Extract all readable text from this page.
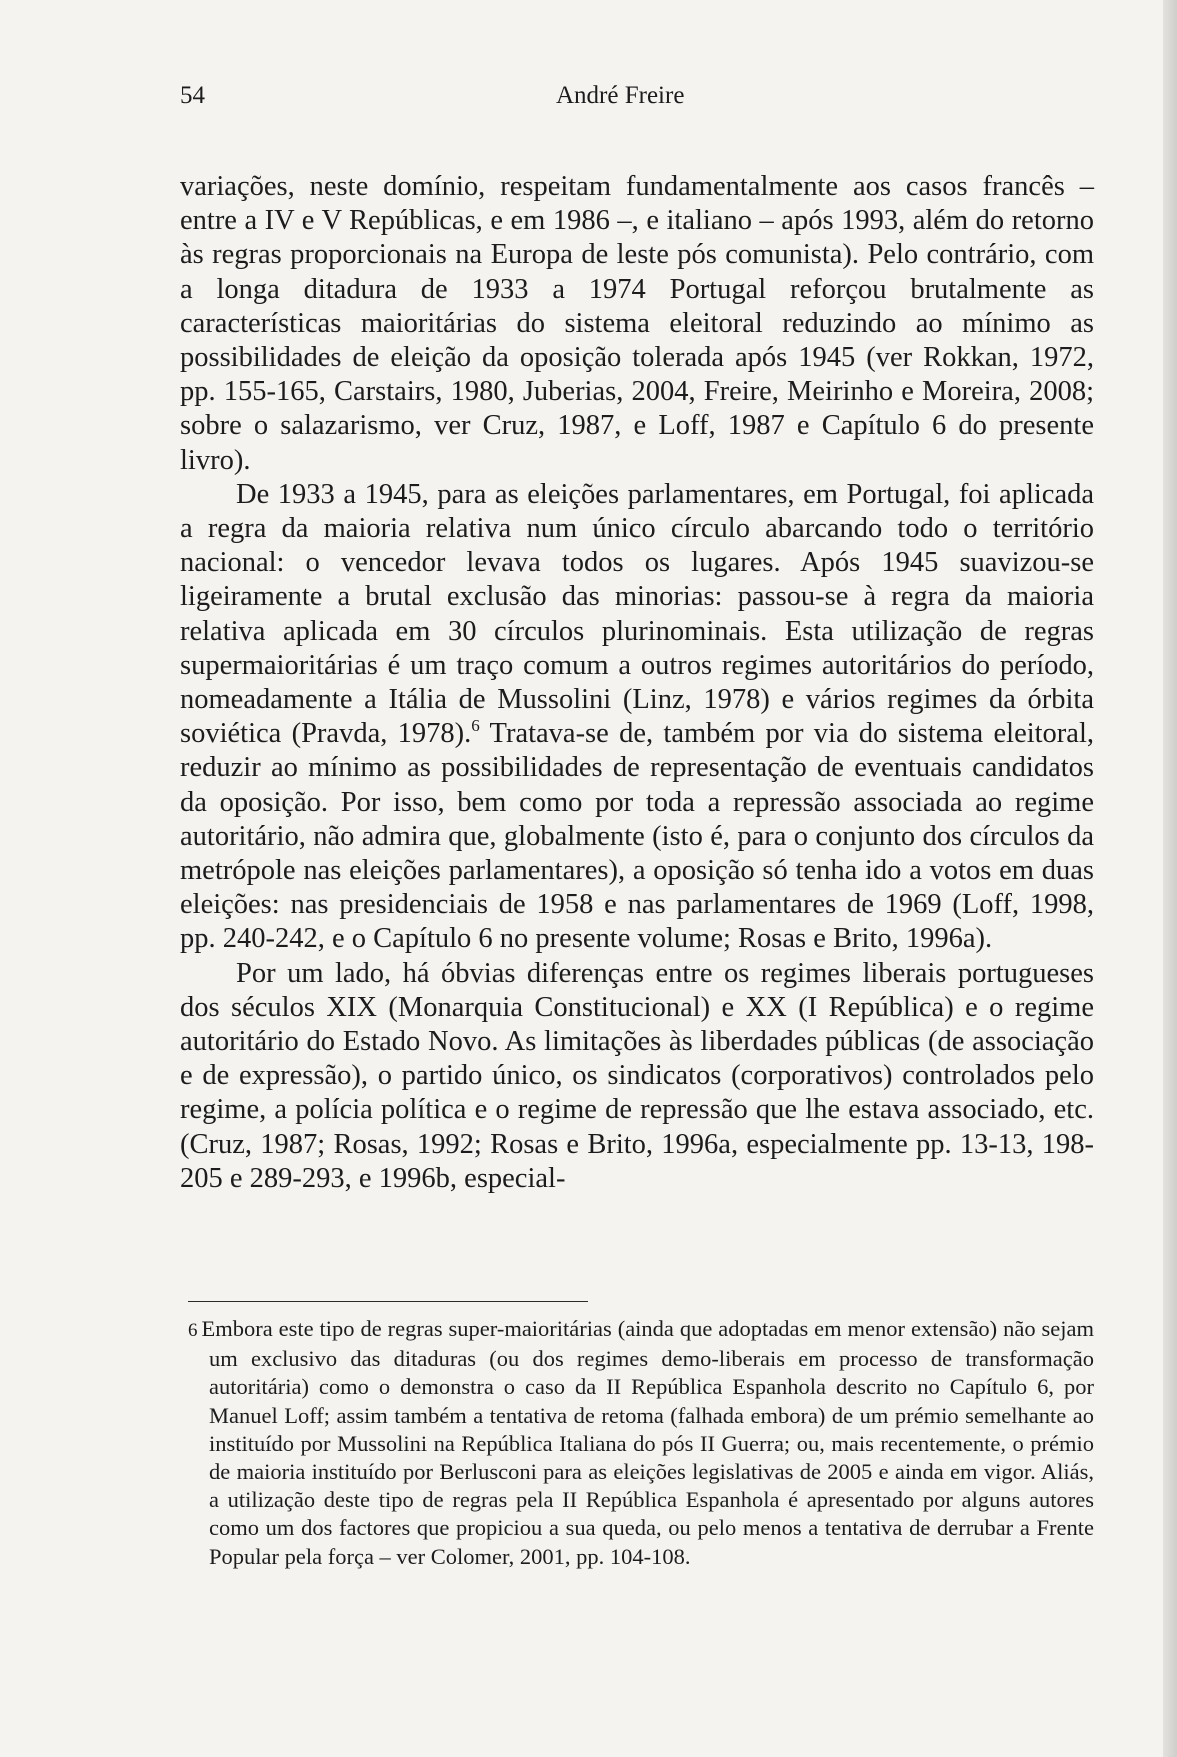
54	André Freire

variações, neste domínio, respeitam fundamentalmente aos casos francês – entre a IV e V Repúblicas, e em 1986 –, e italiano – após 1993, além do retorno às regras proporcionais na Europa de leste pós comunista). Pelo contrário, com a longa ditadura de 1933 a 1974 Portugal reforçou brutalmente as características maioritárias do sistema eleitoral reduzindo ao mínimo as possibilidades de eleição da oposição tolerada após 1945 (ver Rokkan, 1972, pp. 155-165, Carstairs, 1980, Juberias, 2004, Freire, Meirinho e Moreira, 2008; sobre o salazarismo, ver Cruz, 1987, e Loff, 1987 e Capítulo 6 do presente livro).

De 1933 a 1945, para as eleições parlamentares, em Portugal, foi aplicada a regra da maioria relativa num único círculo abarcando todo o território nacional: o vencedor levava todos os lugares. Após 1945 suavizou-se ligeiramente a brutal exclusão das minorias: passou-se à regra da maioria relativa aplicada em 30 círculos plurinominais. Esta utilização de regras supermaioritárias é um traço comum a outros regimes autoritários do período, nomeadamente a Itália de Mussolini (Linz, 1978) e vários regimes da órbita soviética (Pravda, 1978).$^6$ Tratava-se de, também por via do sistema eleitoral, reduzir ao mínimo as possibilidades de representação de eventuais candidatos da oposição. Por isso, bem como por toda a repressão associada ao regime autoritário, não admira que, globalmente (isto é, para o conjunto dos círculos da metrópole nas eleições parlamentares), a oposição só tenha ido a votos em duas eleições: nas presidenciais de 1958 e nas parlamentares de 1969 (Loff, 1998, pp. 240-242, e o Capítulo 6 no presente volume; Rosas e Brito, 1996a).

Por um lado, há óbvias diferenças entre os regimes liberais portugueses dos séculos XIX (Monarquia Constitucional) e XX (I República) e o regime autoritário do Estado Novo. As limitações às liberdades públicas (de associação e de expressão), o partido único, os sindicatos (corporativos) controlados pelo regime, a polícia política e o regime de repressão que lhe estava associado, etc. (Cruz, 1987; Rosas, 1992; Rosas e Brito, 1996a, especialmente pp. 13-13, 198-205 e 289-293, e 1996b, especial-

6 Embora este tipo de regras super-maioritárias (ainda que adoptadas em menor extensão) não sejam um exclusivo das ditaduras (ou dos regimes demo-liberais em processo de transformação autoritária) como o demonstra o caso da II República Espanhola descrito no Capítulo 6, por Manuel Loff; assim também a tentativa de retoma (falhada embora) de um prémio semelhante ao instituído por Mussolini na República Italiana do pós II Guerra; ou, mais recentemente, o prémio de maioria instituído por Berlusconi para as eleições legislativas de 2005 e ainda em vigor. Aliás, a utilização deste tipo de regras pela II República Espanhola é apresentado por alguns autores como um dos factores que propiciou a sua queda, ou pelo menos a tentativa de derrubar a Frente Popular pela força – ver Colomer, 2001, pp. 104-108.
